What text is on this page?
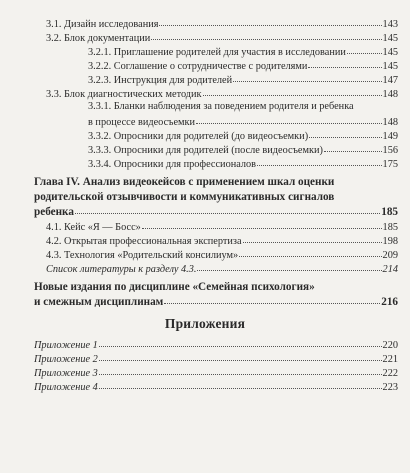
3.1. Дизайн исследования	143
3.2. Блок документации	145
3.2.1. Приглашение родителей для участия в исследовании	145
3.2.2. Соглашение о сотрудничестве с родителями	145
3.2.3. Инструкция для родителей	147
3.3. Блок диагностических методик	148
3.3.1. Бланки наблюдения за поведением родителя и ребенка
в процессе видеосъемки	148
3.3.2. Опросники для родителей (до видеосъемки)	149
3.3.3. Опросники для родителей (после видеосъемки)	156
3.3.4. Опросники для профессионалов	175
Глава IV. Анализ видеокейсов с применением шкал оценки
родительской отзывчивости и коммуникативных сигналов
ребенка	185
4.1. Кейс «Я — Босс»	185
4.2. Открытая профессиональная экспертиза	198
4.3. Технология «Родительский консилиум»	209
Список литературы к разделу 4.3.	214
Новые издания по дисциплине «Семейная психология»
и смежным дисциплинам	216
Приложения
Приложение 1	220
Приложение 2	221
Приложение 3	222
Приложение 4	223
